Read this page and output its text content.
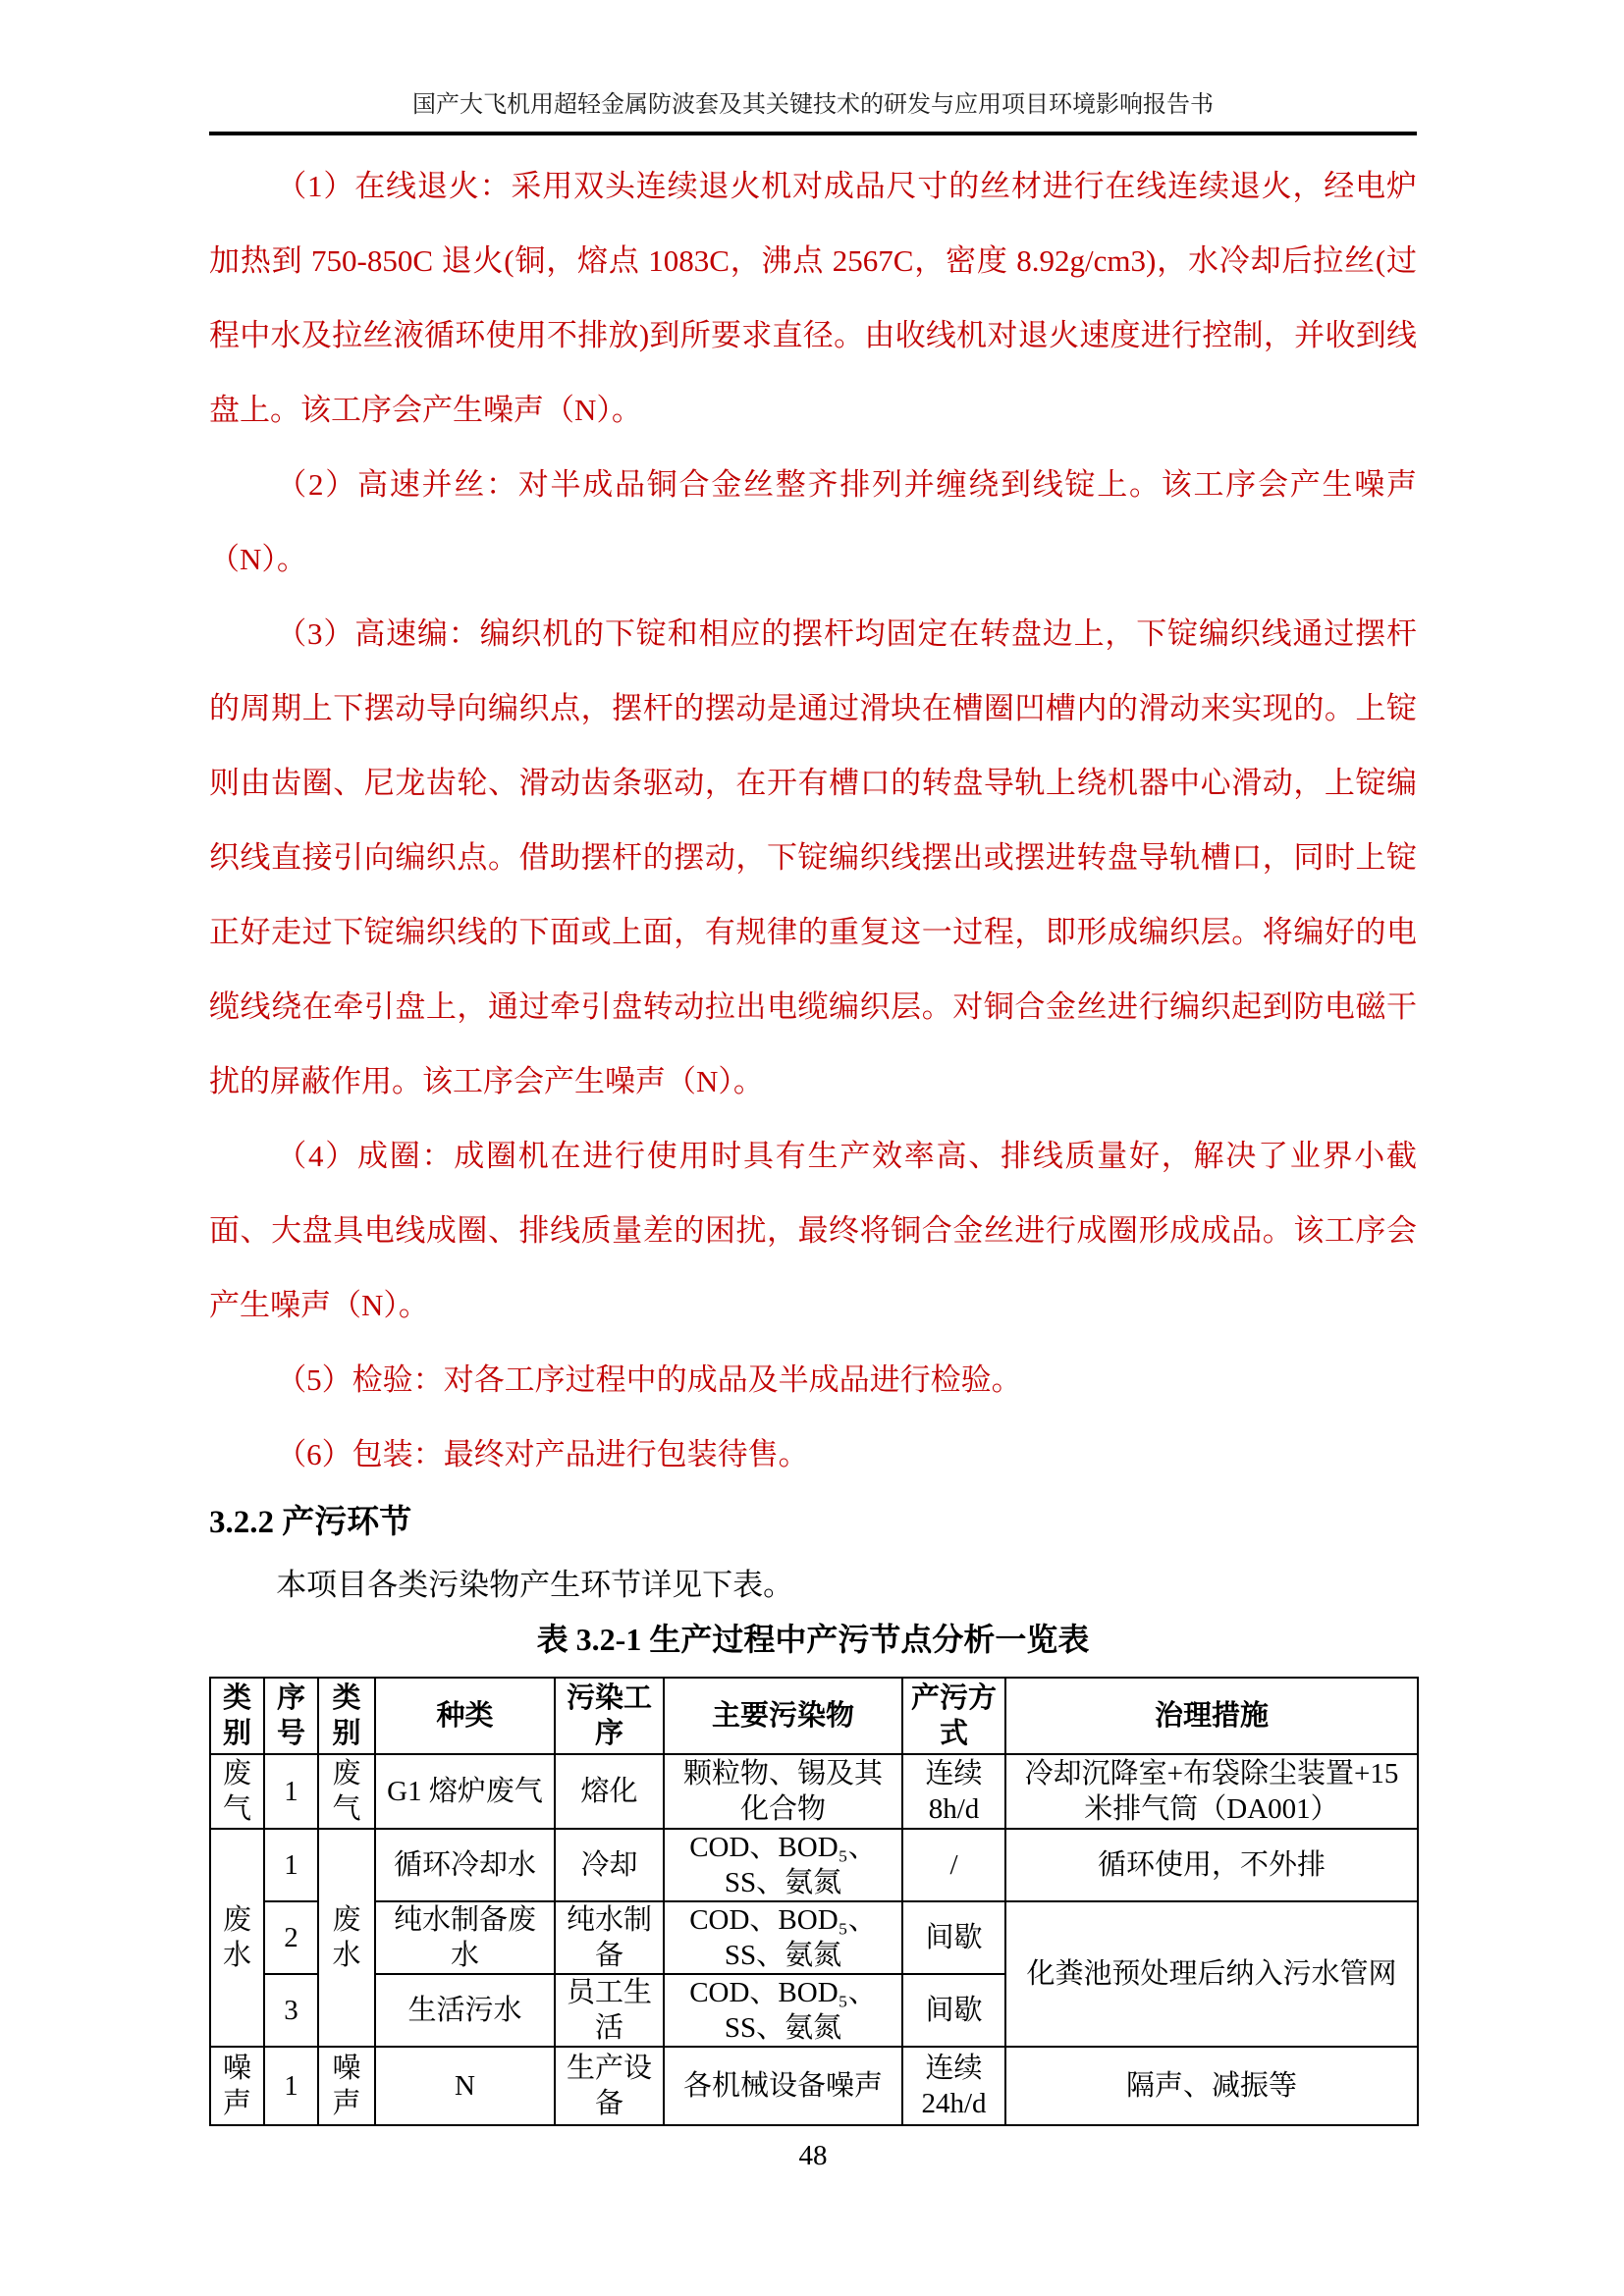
国产大飞机用超轻金属防波套及其关键技术的研发与应用项目环境影响报告书

（1）在线退火：采用双头连续退火机对成品尺寸的丝材进行在线连续退火，经电炉加热到 750-850C 退火(铜，熔点 1083C，沸点 2567C，密度 8.92g/cm3)，水冷却后拉丝(过程中水及拉丝液循环使用不排放)到所要求直径。由收线机对退火速度进行控制，并收到线盘上。该工序会产生噪声（N）。

（2）高速并丝：对半成品铜合金丝整齐排列并缠绕到线锭上。该工序会产生噪声（N）。

（3）高速编：编织机的下锭和相应的摆杆均固定在转盘边上，下锭编织线通过摆杆的周期上下摆动导向编织点，摆杆的摆动是通过滑块在槽圈凹槽内的滑动来实现的。上锭则由齿圈、尼龙齿轮、滑动齿条驱动，在开有槽口的转盘导轨上绕机器中心滑动，上锭编织线直接引向编织点。借助摆杆的摆动，下锭编织线摆出或摆进转盘导轨槽口，同时上锭正好走过下锭编织线的下面或上面，有规律的重复这一过程，即形成编织层。将编好的电缆线绕在牵引盘上，通过牵引盘转动拉出电缆编织层。对铜合金丝进行编织起到防电磁干扰的屏蔽作用。该工序会产生噪声（N）。

（4）成圈：成圈机在进行使用时具有生产效率高、排线质量好，解决了业界小截面、大盘具电线成圈、排线质量差的困扰，最终将铜合金丝进行成圈形成成品。该工序会产生噪声（N）。

（5）检验：对各工序过程中的成品及半成品进行检验。

（6）包装：最终对产品进行包装待售。

3.2.2 产污环节

本项目各类污染物产生环节详见下表。

表 3.2-1 生产过程中产污节点分析一览表
类别	序号	类别	种类	污染工序	主要污染物	产污方式	治理措施
废气	1	废气	G1 熔炉废气	熔化	颗粒物、锡及其化合物	连续 8h/d	冷却沉降室+布袋除尘装置+15米排气筒（DA001）
废水	1	废水	循环冷却水	冷却	COD、BOD₅、SS、氨氮	/	循环使用，不外排
	2		纯水制备废水	纯水制备	COD、BOD₅、SS、氨氮	间歇	化粪池预处理后纳入污水管网
	3		生活污水	员工生活	COD、BOD₅、SS、氨氮	间歇	
噪声	1	噪声	N	生产设备	各机械设备噪声	连续 24h/d	隔声、减振等
48
